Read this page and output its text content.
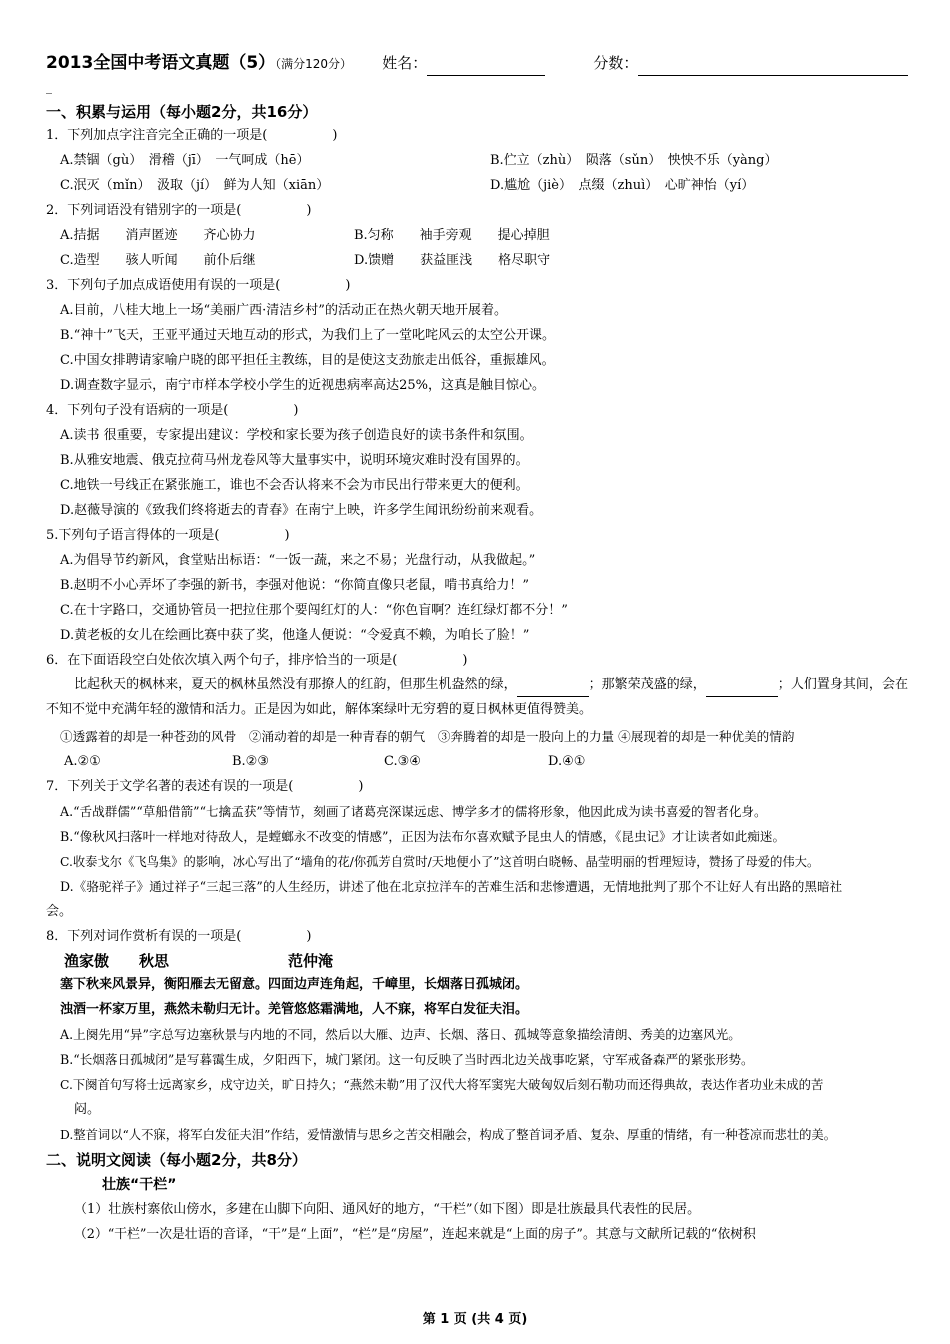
_
2013全国中考语文真题（5）（满分120分） 姓名：	分数：
一、积累与运用（每小题2分，共16分）
1．下列加点字注音完全正确的一项是(　　　　　)
A.禁锢（gù）　滑稽（jī）　一气呵成（hē）	B.伫立（zhù）　陨落（sǔn）　怏怏不乐（yàng）
C.泯灭（mǐn）　汲取（jí）　鲜为人知（xiān）	D.尴尬（jiè）　点缀（zhuì）　心旷神怡（yí）
2．下列词语没有错别字的一项是(　　　　　)
A.拮据　　消声匿迹　　齐心协力	B.匀称　　袖手旁观　　提心掉胆
C.造型　　骇人听闻　　前仆后继	D.馈赠　　获益匪浅　　格尽职守
3．下列句子加点成语使用有误的一项是(　　　　　)
A.目前，八桂大地上一场“美丽广西·清洁乡村”的活动正在热火朝天地开展着。
B.“神十”飞天，王亚平通过天地互动的形式，为我们上了一堂叱咤风云的太空公开课。
C.中国女排聘请家喻户晓的郎平担任主教练，目的是使这支劲旅走出低谷，重振雄风。
D.调查数字显示，南宁市样本学校小学生的近视患病率高达25%，这真是触目惊心。
4．下列句子没有语病的一项是(　　　　　)
A.读书 很重要，专家提出建议：学校和家长要为孩子创造良好的读书条件和氛围。
B.从雅安地震、俄克拉荷马州龙卷风等大量事实中，说明环境灾难时没有国界的。
C.地铁一号线正在紧张施工，谁也不会否认将来不会为市民出行带来更大的便利。
D.赵薇导演的《致我们终将逝去的青春》在南宁上映，许多学生闻讯纷纷前来观看。
5.下列句子语言得体的一项是(　　　　　)
A.为倡导节约新风，食堂贴出标语：“一饭一蔬，来之不易；光盘行动，从我做起。”
B.赵明不小心弄坏了李强的新书，李强对他说：“你简直像只老鼠，啃书真给力！”
C.在十字路口，交通协管员一把拉住那个要闯红灯的人：“你色盲啊？连红绿灯都不分！”
D.黄老板的女儿在绘画比赛中获了奖，他逢人便说：“令爱真不赖，为咱长了脸！”
6．在下面语段空白处依次填入两个句子，排序恰当的一项是(　　　　　)
比起秋天的枫林来，夏天的枫林虽然没有那撩人的红韵，但那生机盎然的绿，	；那繁荣茂盛的绿，	；人们置身其间，会在不知不觉中充满年轻的激情和活力。正是因为如此，解体案绿叶无穷碧的夏日枫林更值得赞美。
①透露着的却是一种苍劲的风骨　②涌动着的却是一种青春的朝气　③奔腾着的却是一股向上的力量 ④展现着的却是一种优美的情韵
A.②①	B.②③	C.③④	D.④①
7．下列关于文学名著的表述有误的一项是(　　　　　)
A.“舌战群儒”“草船借箭”“七擒孟获”等情节，刻画了诸葛亮深谋远虑、博学多才的儒将形象，他因此成为读书喜爱的智者化身。
B.“像秋风扫落叶一样地对待敌人，是螳螂永不改变的情感”，正因为法布尔喜欢赋予昆虫人的情感，《昆虫记》才让读者如此痴迷。
C.收泰戈尔《飞鸟集》的影响，冰心写出了“墙角的花/你孤芳自赏时/天地便小了”这首明白晓畅、晶莹明丽的哲理短诗，赞扬了母爱的伟大。
D.《骆驼祥子》通过祥子“三起三落”的人生经历，讲述了他在北京拉洋车的苦难生活和悲惨遭遇，无情地批判了那个不让好人有出路的黑暗社
会。
8．下列对词作赏析有误的一项是(　　　　　)
渔家傲　　秋思	范仲淹
塞下秋来风景异，衡阳雁去无留意。四面边声连角起，千嶂里，长烟落日孤城闭。
浊酒一杯家万里，燕然未勒归无计。羌管悠悠霜满地，人不寐，将军白发征夫泪。
A.上阕先用“异”字总写边塞秋景与内地的不同，然后以大雁、边声、长烟、落日、孤城等意象描绘清朗、秀美的边塞风光。
B.“长烟落日孤城闭”是写暮霭生成，夕阳西下，城门紧闭。这一句反映了当时西北边关战事吃紧，守军戒备森严的紧张形势。
C.下阕首句写将士远离家乡，戍守边关，旷日持久；“燕然未勒”用了汉代大将军窦宪大破匈奴后刻石勒功而还得典故，表达作者功业未成的苦
闷。
D.整首词以“人不寐，将军白发征夫泪”作结，爱情激情与思乡之苦交相融会，构成了整首词矛盾、复杂、厚重的情绪，有一种苍凉而悲壮的美。
二、说明文阅读（每小题2分，共8分）
壮族“干栏”
（1）壮族村寨依山傍水，多建在山脚下向阳、通风好的地方，“干栏”（如下图）即是壮族最具代表性的民居。
（2）“干栏”一次是壮语的音译，“干”是“上面”，“栏”是“房屋”，连起来就是“上面的房子”。其意与文献所记载的“依树积
第 1 页 (共 4 页)
